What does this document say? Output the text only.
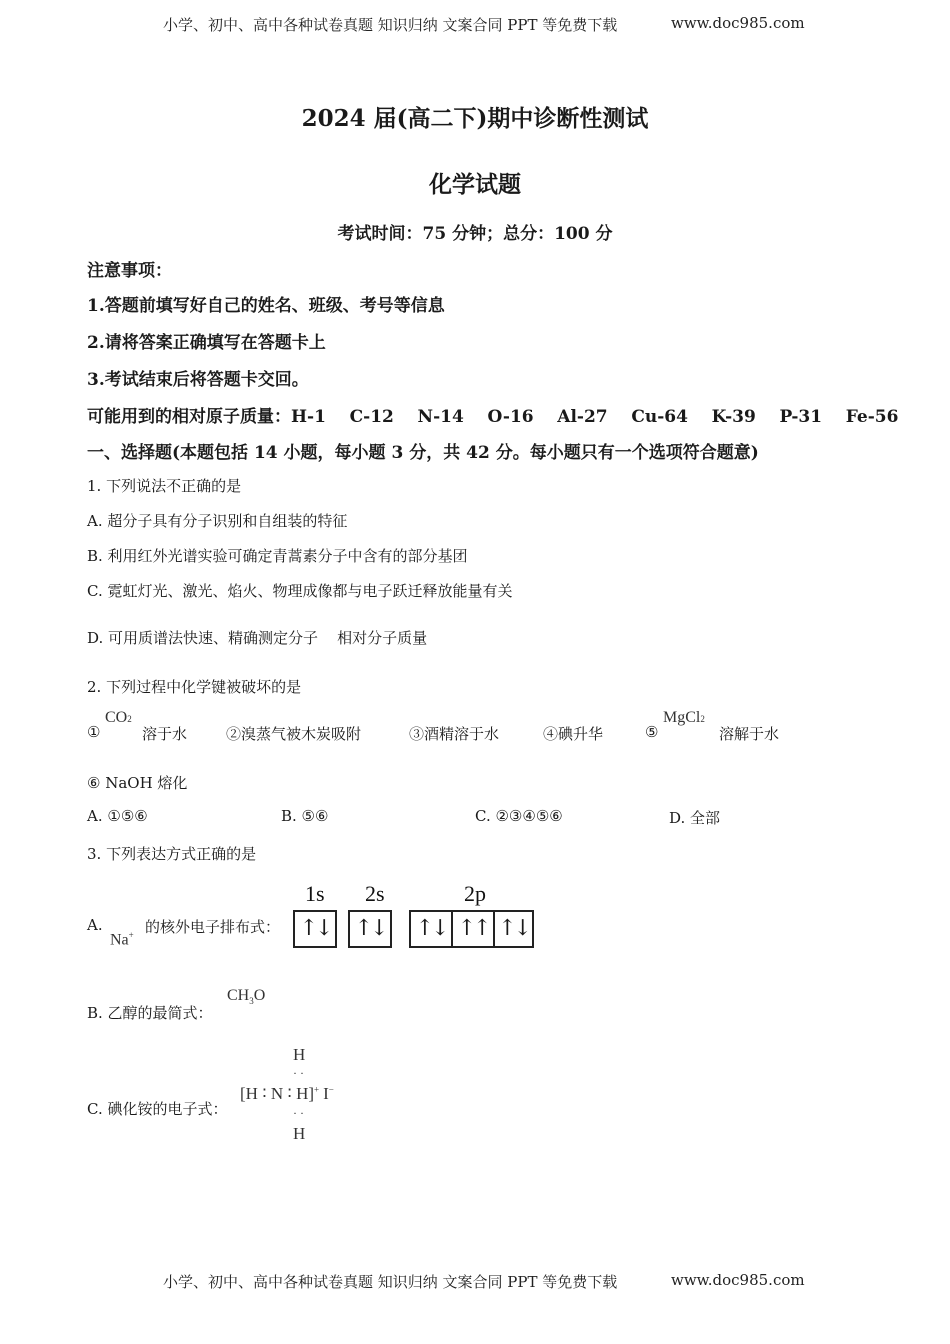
小学、初中、高中各种试卷真题 知识归纳 文案合同 PPT 等免费下载	www.doc985.com
2024 届(高二下)期中诊断性测试
化学试题
考试时间：75 分钟；总分：100 分
注意事项：
1.答题前填写好自己的姓名、班级、考号等信息
2.请将答案正确填写在答题卡上
3.考试结束后将答题卡交回。
可能用到的相对原子质量：H-1    C-12    N-14    O-16    Al-27    Cu-64    K-39    P-31    Fe-56
一、选择题(本题包括 14 小题，每小题 3 分，共 42 分。每小题只有一个选项符合题意)
1. 下列说法不正确的是
A. 超分子具有分子识别和自组装的特征
B. 利用红外光谱实验可确定青蒿素分子中含有的部分基团
C. 霓虹灯光、激光、焰火、物理成像都与电子跃迁释放能量有关
D. 可用质谱法快速、精确测定分子    相对分子质量
2. 下列过程中化学键被破坏的是
①
CO2
溶于水	②溴蒸气被木炭吸附	③酒精溶于水	④碘升华	⑤
MgCl2
溶解于水
⑥ NaOH 熔化
A. ①⑤⑥	B. ⑤⑥	C. ②③④⑤⑥	D. 全部
3. 下列表达方式正确的是
A.
Na+ 的核外电子排布式：
1s 2s	2p
↑↓ ↑↓ ↑↓ ↑↑ ↑↓
B. 乙醇的最简式：
$CH_3O$
C. 碘化铵的电子式：
H
· ·
[H ∶ N ∶ H]+ I−
· ·
H
小学、初中、高中各种试卷真题 知识归纳 文案合同 PPT 等免费下载	www.doc985.com
